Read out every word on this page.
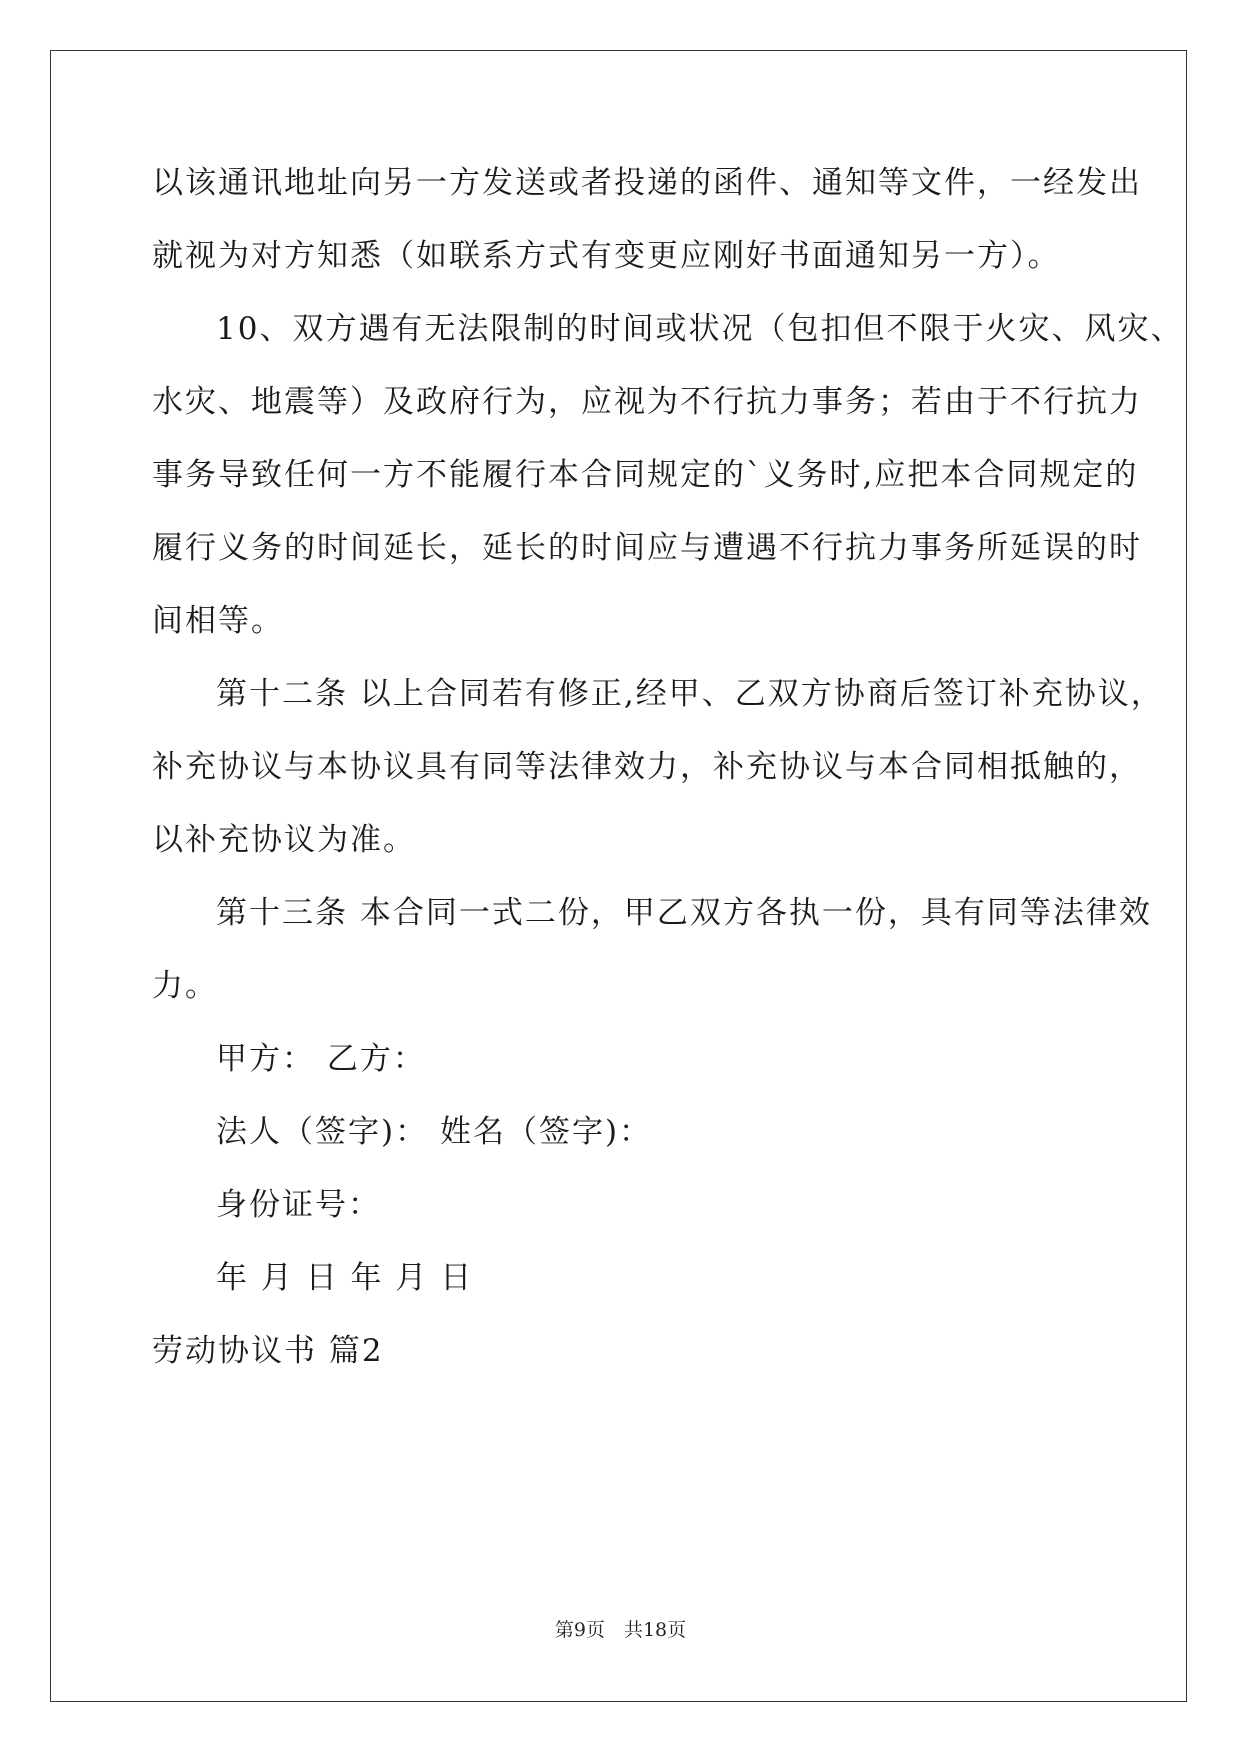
以该通讯地址向另一方发送或者投递的函件、通知等文件，一经发出
就视为对方知悉（如联系方式有变更应刚好书面通知另一方）。
10、双方遇有无法限制的时间或状况（包扣但不限于火灾、风灾、
水灾、地震等）及政府行为，应视为不行抗力事务；若由于不行抗力
事务导致任何一方不能履行本合同规定的`义务时,应把本合同规定的
履行义务的时间延长，延长的时间应与遭遇不行抗力事务所延误的时
间相等。
第十二条 以上合同若有修正,经甲、乙双方协商后签订补充协议，
补充协议与本协议具有同等法律效力，补充协议与本合同相抵触的，
以补充协议为准。
第十三条 本合同一式二份，甲乙双方各执一份，具有同等法律效
力。
甲方： 乙方：
法人（签字)： 姓名（签字)：
身份证号：
年 月 日 年 月 日
劳动协议书 篇2
第9页　共18页
